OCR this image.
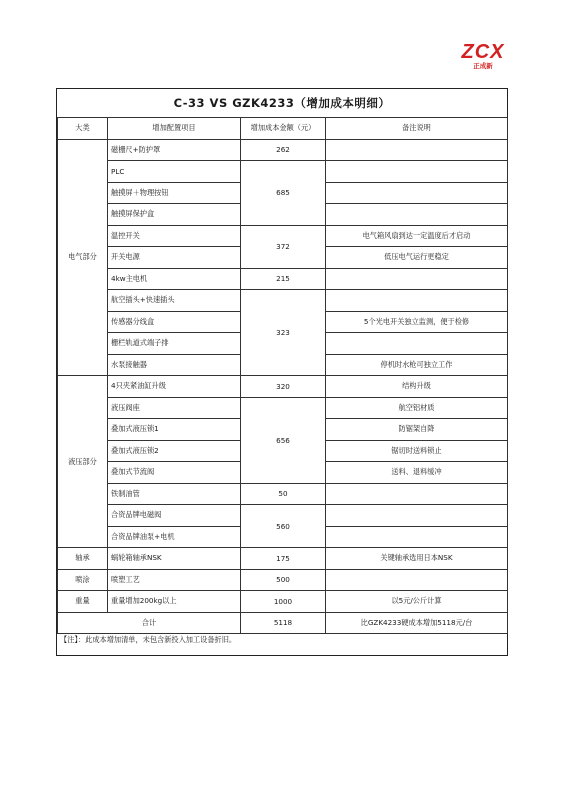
ZCX
正成新
C-33 VS GZK4233（增加成本明细）
大类	增加配置项目	增加成本金额（元）	备注说明
电气部分	磁栅尺+防护罩	262	
	PLC	685	
	触摸屏＋物理按钮		
	触摸屏保护盒		
	温控开关	372	电气箱风扇到达一定温度后才启动
	开关电源		低压电气运行更稳定
	4kw主电机	215	
	航空插头+快速插头	323	
	传感器分线盒		5个光电开关独立监测，便于检修
	栅栏轨道式端子排		
	水泵接触器		停机时水枪可独立工作
液压部分	4只夹紧油缸升级	320	结构升级
	液压阀座	656	航空铝材质
	叠加式液压锁1		防锯架自降
	叠加式液压锁2		锯切时送料锁止
	叠加式节流阀		送料、退料缓冲
	铁制油管	50	
	合资品牌电磁阀	560	
	合资品牌油泵+电机		
轴承	蜗轮箱轴承NSK	175	关键轴承选用日本NSK
喷涂	喷塑工艺	500	
重量	重量增加200kg以上	1000	以5元/公斤计算
合计		5118	比GZK4233硬成本增加5118元/台
【注】：此成本增加清单，未包含新投入加工设备折旧。
